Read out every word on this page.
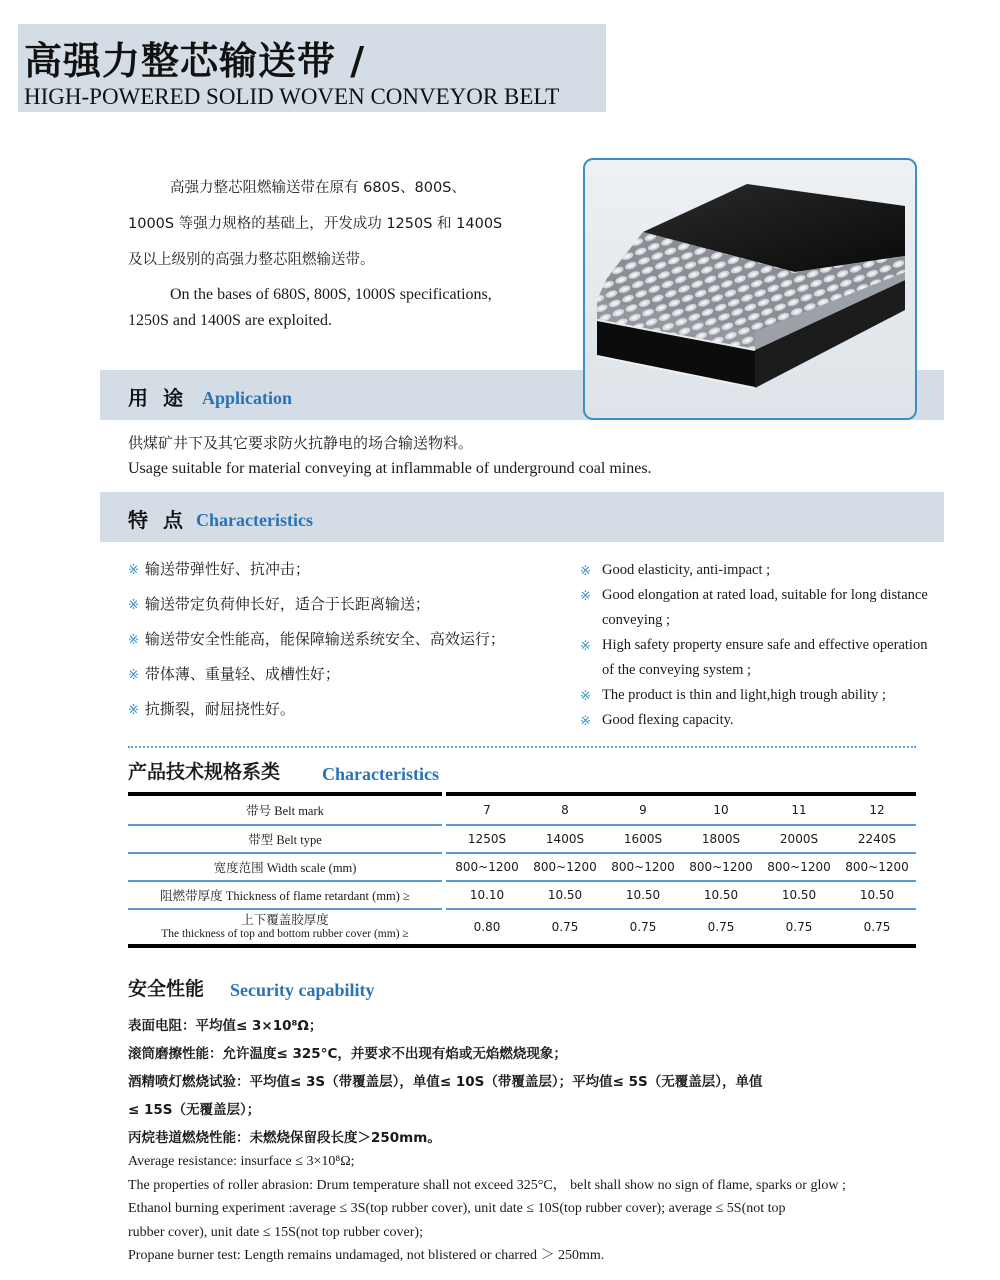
高强力整芯输送带 /
HIGH-POWERED SOLID WOVEN CONVEYOR BELT

高强力整芯阻燃输送带在原有 680S、800S、

1000S 等强力规格的基础上，开发成功 1250S 和 1400S

及以上级别的高强力整芯阻燃输送带。

On the bases of 680S, 800S, 1000S specifications,

1250S and 1400S are exploited.

用 途 Application
供煤矿井下及其它要求防火抗静电的场合输送物料。
Usage suitable for material conveying at inflammable of underground coal mines.
特 点 Characteristics
※ 输送带弹性好、抗冲击；
※ 输送带定负荷伸长好，适合于长距离输送；
※ 输送带安全性能高，能保障输送系统安全、高效运行；
※ 带体薄、重量轻、成槽性好；
※ 抗撕裂，耐屈挠性好。
※ Good elasticity, anti-impact ;
※ Good elongation at rated load, suitable for long distance conveying ;
※ High safety property ensure safe and effective operation of the conveying system ;
※ The product is thin and light,high trough ability ;
※ Good flexing capacity.
产品技术规格系类 Characteristics
带号 Belt mark		7	8	9	10	11	12
带型 Belt type		1250S	1400S	1600S	1800S	2000S	2240S
宽度范围 Width scale (mm)		800~1200	800~1200	800~1200	800~1200	800~1200	800~1200
阻燃带厚度 Thickness of flame retardant (mm) ≥		10.10	10.50	10.50	10.50	10.50	10.50

上下覆盖胶厚度
The thickness of top and bottom rubber cover (mm) ≥		0.80	0.75	0.75	0.75	0.75	0.75
安全性能 Security capability

表面电阻：平均值≤ 3×10⁸Ω；

滚筒磨擦性能：允许温度≤ 325°C，并要求不出现有焰或无焰燃烧现象；

酒精喷灯燃烧试验：平均值≤ 3S（带覆盖层），单值≤ 10S（带覆盖层）；平均值≤ 5S（无覆盖层），单值

≤ 15S（无覆盖层）；

丙烷巷道燃烧性能：未燃烧保留段长度＞250mm。

Average resistance: insurface ≤ 3×10⁸Ω;

The properties of roller abrasion: Drum temperature shall not exceed 325°C， belt shall show no sign of flame, sparks or glow ;

Ethanol burning experiment :average ≤ 3S(top rubber cover), unit date ≤ 10S(top rubber cover); average ≤ 5S(not top

rubber cover), unit date ≤ 15S(not top rubber cover);

Propane burner test: Length remains undamaged, not blistered or charred ＞ 250mm.
